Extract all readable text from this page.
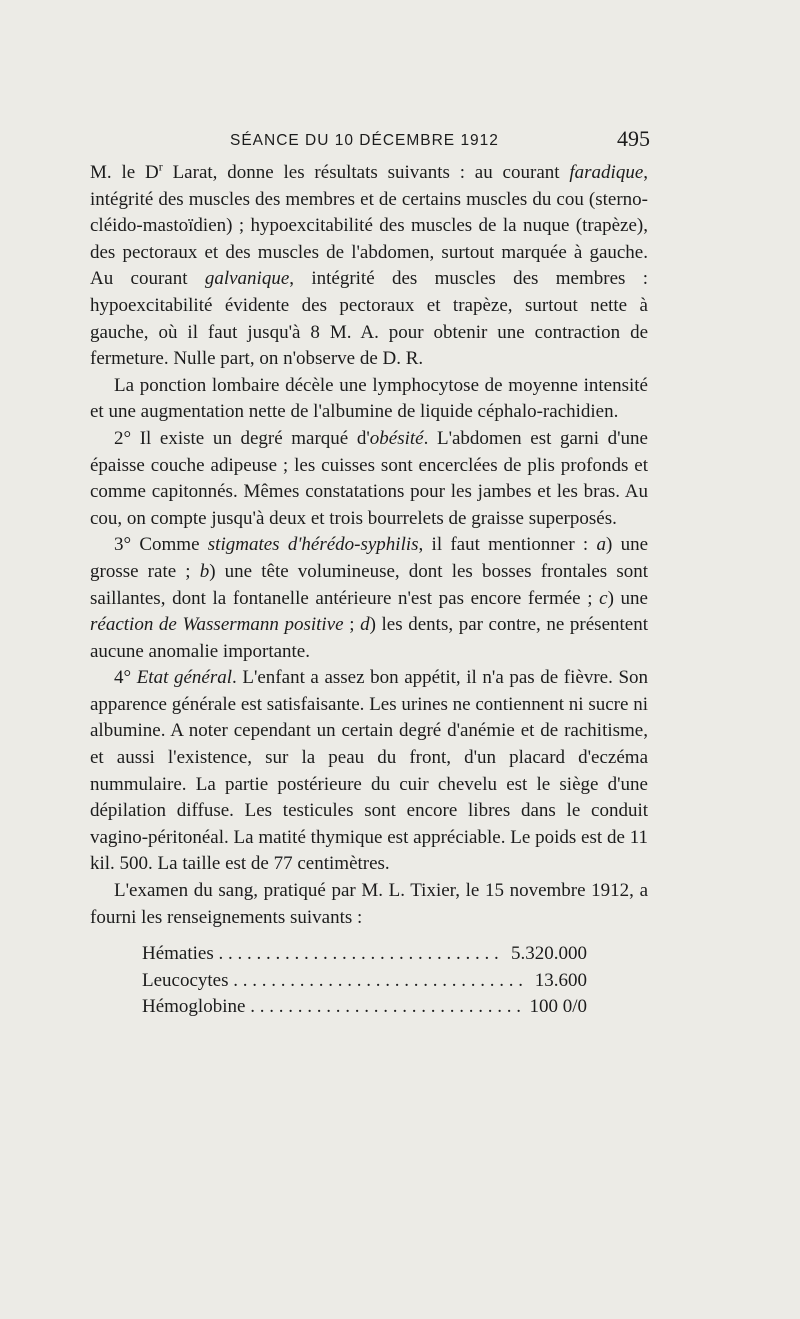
SÉANCE DU 10 DÉCEMBRE 1912	495

M. le $D^r$ Larat, donne les résultats suivants : au courant faradique, intégrité des muscles des membres et de certains muscles du cou (sterno-cléido-mastoïdien) ; hypoexcitabilité des muscles de la nuque (trapèze), des pectoraux et des muscles de l'abdomen, surtout marquée à gauche. Au courant galvanique, intégrité des muscles des membres : hypoexcitabilité évidente des pectoraux et trapèze, surtout nette à gauche, où il faut jusqu'à 8 M. A. pour obtenir une contraction de fermeture. Nulle part, on n'observe de D. R.

La ponction lombaire décèle une lymphocytose de moyenne intensité et une augmentation nette de l'albumine de liquide céphalo-rachidien.

2° Il existe un degré marqué d'obésité. L'abdomen est garni d'une épaisse couche adipeuse ; les cuisses sont encerclées de plis profonds et comme capitonnés. Mêmes constatations pour les jambes et les bras. Au cou, on compte jusqu'à deux et trois bourrelets de graisse superposés.

3° Comme stigmates d'hérédo-syphilis, il faut mentionner : a) une grosse rate ; b) une tête volumineuse, dont les bosses frontales sont saillantes, dont la fontanelle antérieure n'est pas encore fermée ; c) une réaction de Wassermann positive ; d) les dents, par contre, ne présentent aucune anomalie importante.

4° Etat général. L'enfant a assez bon appétit, il n'a pas de fièvre. Son apparence générale est satisfaisante. Les urines ne contiennent ni sucre ni albumine. A noter cependant un certain degré d'anémie et de rachitisme, et aussi l'existence, sur la peau du front, d'un placard d'eczéma nummulaire. La partie postérieure du cuir chevelu est le siège d'une dépilation diffuse. Les testicules sont encore libres dans le conduit vagino-péritonéal. La matité thymique est appréciable. Le poids est de 11 kil. 500. La taille est de 77 centimètres.

L'examen du sang, pratiqué par M. L. Tixier, le 15 novembre 1912, a fourni les renseignements suivants :

Hématies . . .	5.320.000
Leucocytes . . .	13.600
Hémoglobine . . .	100 0/0
